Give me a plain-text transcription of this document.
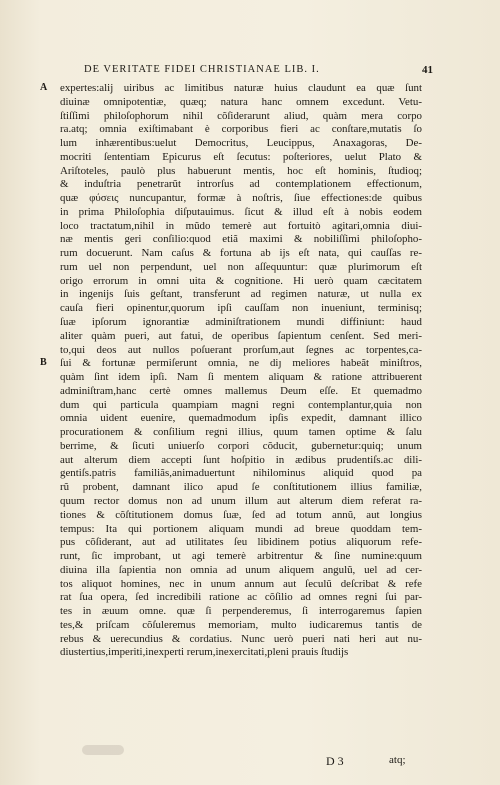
DE VERITATE FIDEI CHRISTIANAE LIB. I.	41
A
B
expertes:alij uiribus ac limitibus naturæ huius claudunt ea quæ ſunt
diuinæ omnipotentiæ, quæq; natura hanc omnem excedunt. Vetu-
ſtiſſimi philoſophorum nihil cõſiderarunt aliud, quàm mera corpo
ra.atq; omnia exiſtimabant è corporibus fieri ac conſtare,mutatis ſo
lum inhærentibus:uelut Democritus, Leucippus, Anaxagoras, De-
mocriti ſententiam Epicurus eſt ſecutus: poſteriores, uelut Plato &
Ariſtoteles, paulò plus habuerunt mentis, hoc eſt hominis, ſtudioq;
& induſtria penetrarũt introrſus ad contemplationem effectionum,
quæ φύσεις nuncupantur, formæ à noſtris, ſiue effectiones:de quibus
in prima Philoſophia diſputauimus. ſicut & illud eſt à nobis eodem
loco tractatum,nihil in mũdo temerè aut fortuitò agitari,omnia diui-
næ mentis geri conſilio:quod etiã maximi & nobiliſſimi philoſopho-
rum docuerunt. Nam caſus & fortuna ab ijs eſt nata, qui cauſſas re-
rum uel non perpendunt, uel non aſſequuntur: quæ plurimorum eſt
origo errorum in omni uita & cognitione. Hi uerò quam cæcitatem
in ingenijs ſuis geſtant, transferunt ad regimen naturæ, ut nulla ex
cauſa fieri opinentur,quorum ipſi cauſſam non inueniunt, terminisq;
ſuæ ipſorum ignorantiæ adminiſtrationem mundi diffiniunt: haud
aliter quàm pueri, aut fatui, de operibus ſapientum cenſent. Sed meri-
to,qui deos aut nullos poſuerant prorſum,aut ſegnes ac torpentes,ca-
ſui & fortunæ permiſerunt omnia, ne diȷ meliores habeãt miniſtros,
quàm ſint idem ipſi. Nam ſi mentem aliquam & ratione attribuerent
adminiſtram,hanc certè omnes mallemus Deum eſſe. Et quemadmo
dum qui particula quampiam magni regni contemplantur,quia non
omnia uident euenire, quemadmodum ipſis expedit, damnant illico
procurationem & conſilium regni illius, quum tamen optime & ſalu
berrime, & ſicuti uniuerſo corpori cõducit, gubernetur:quiq; unum
aut alterum diem accepti ſunt hoſpitio in ædibus prudentiſs.ac dili-
gentiſs.patris familiãs,animaduertunt nihilominus aliquid quod pa
rũ probent, damnant ilico apud ſe conſtitutionem illius familiæ,
quum rector domus non ad unum illum aut alterum diem referat ra-
tiones & cõſtitutionem domus ſuæ, ſed ad totum annũ, aut longius
tempus: Ita qui portionem aliquam mundi ad breue quoddam tem-
pus cõſiderant, aut ad utilitates ſeu libidinem potius aliquorum refe-
runt, ſic improbant, ut agi temerè arbitrentur & ſine numine:quum
diuina illa ſapientia non omnia ad unum aliquem angulũ, uel ad cer-
tos aliquot homines, nec in unum annum aut ſeculũ deſcribat & refe
rat ſua opera, ſed incredibili ratione ac cõſilio ad omnes regni ſui par-
tes in æuum omne. quæ ſi perpenderemus, ſi interrogaremus ſapien
tes,& priſcam cõſuleremus memoriam, multo iudicaremus tantis de
rebus & uerecundius & cordatius. Nunc uerò pueri nati heri aut nu-
diustertius,imperiti,inexperti rerum,inexercitati,pleni prauis ſtudijs
D 3	atq;
